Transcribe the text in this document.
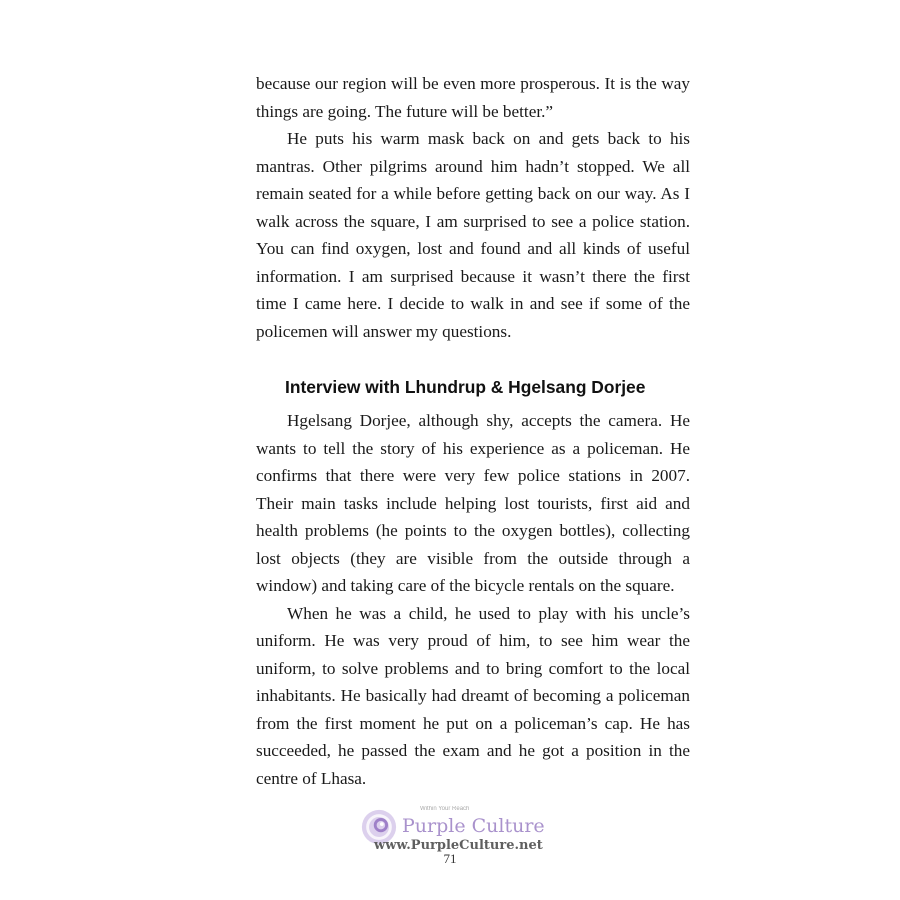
because our region will be even more prosperous. It is the way things are going. The future will be better.”

He puts his warm mask back on and gets back to his mantras. Other pilgrims around him hadn’t stopped. We all remain seated for a while before getting back on our way. As I walk across the square, I am surprised to see a police station. You can find oxygen, lost and found and all kinds of useful information. I am surprised because it wasn’t there the first time I came here. I decide to walk in and see if some of the policemen will answer my questions.

Interview with Lhundrup & Hgelsang Dorjee

Hgelsang Dorjee, although shy, accepts the camera. He wants to tell the story of his experience as a policeman. He confirms that there were very few police stations in 2007. Their main tasks include helping lost tourists, first aid and health problems (he points to the oxygen bottles), collecting lost objects (they are visible from the outside through a window) and taking care of the bicycle rentals on the square.

When he was a child, he used to play with his uncle’s uniform. He was very proud of him, to see him wear the uniform, to solve problems and to bring comfort to the local inhabitants. He basically had dreamt of becoming a policeman from the first moment he put on a policeman’s cap. He has succeeded, he passed the exam and he got a position in the centre of Lhasa.

Within Your Reach
Purple Culture
www.PurpleCulture.net
71
